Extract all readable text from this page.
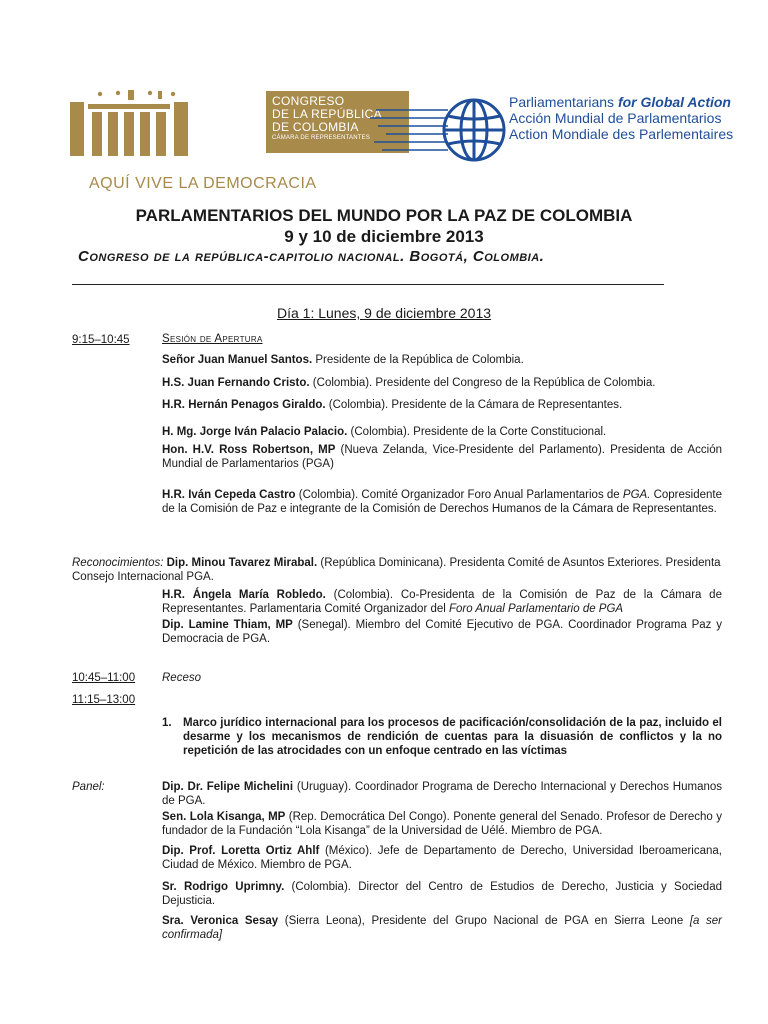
CONGRESO
DE LA REPÚBLICA
DE COLOMBIA
CÁMARA DE REPRESENTANTES
AQUÍ VIVE LA DEMOCRACIA
Parliamentarians for Global Action
Acción Mundial de Parlamentarios
Action Mondiale des Parlementaires
PARLAMENTARIOS DEL MUNDO POR LA PAZ DE COLOMBIA
9 y 10 de diciembre 2013
Congreso de la república-capitolio nacional. Bogotá, Colombia.
Día 1: Lunes, 9 de diciembre 2013
9:15–10:45	Sesión de Apertura
Señor Juan Manuel Santos. Presidente de la República de Colombia.
H.S. Juan Fernando Cristo. (Colombia). Presidente del Congreso de la República de Colombia.
H.R. Hernán Penagos Giraldo. (Colombia). Presidente de la Cámara de Representantes.
H. Mg. Jorge Iván Palacio Palacio. (Colombia). Presidente de la Corte Constitucional.
Hon. H.V. Ross Robertson, MP (Nueva Zelanda, Vice-Presidente del Parlamento). Presidenta de Acción Mundial de Parlamentarios (PGA)
H.R. Iván Cepeda Castro (Colombia). Comité Organizador Foro Anual Parlamentarios de PGA. Copresidente de la Comisión de Paz e integrante de la Comisión de Derechos Humanos de la Cámara de Representantes.
Reconocimientos: Dip. Minou Tavarez Mirabal. (República Dominicana). Presidenta Comité de Asuntos Exteriores. Presidenta Consejo Internacional PGA.
H.R. Ángela María Robledo. (Colombia). Co-Presidenta de la Comisión de Paz de la Cámara de Representantes. Parlamentaria Comité Organizador del Foro Anual Parlamentario de PGA
Dip. Lamine Thiam, MP (Senegal). Miembro del Comité Ejecutivo de PGA. Coordinador Programa Paz y Democracia de PGA.
10:45–11:00 Receso
11:15–13:00
1. Marco jurídico internacional para los procesos de pacificación/consolidación de la paz, incluido el desarme y los mecanismos de rendición de cuentas para la disuasión de conflictos y la no repetición de las atrocidades con un enfoque centrado en las víctimas
Panel:	Dip. Dr. Felipe Michelini (Uruguay). Coordinador Programa de Derecho Internacional y Derechos Humanos de PGA.
Sen. Lola Kisanga, MP (Rep. Democrática Del Congo). Ponente general del Senado. Profesor de Derecho y fundador de la Fundación “Lola Kisanga” de la Universidad de Uélé. Miembro de PGA.
Dip. Prof. Loretta Ortiz Ahlf (México). Jefe de Departamento de Derecho, Universidad Iberoamericana, Ciudad de México. Miembro de PGA.
Sr. Rodrigo Uprimny. (Colombia). Director del Centro de Estudios de Derecho, Justicia y Sociedad Dejusticia.
Sra. Veronica Sesay (Sierra Leona), Presidente del Grupo Nacional de PGA en Sierra Leone [a ser confirmada]
